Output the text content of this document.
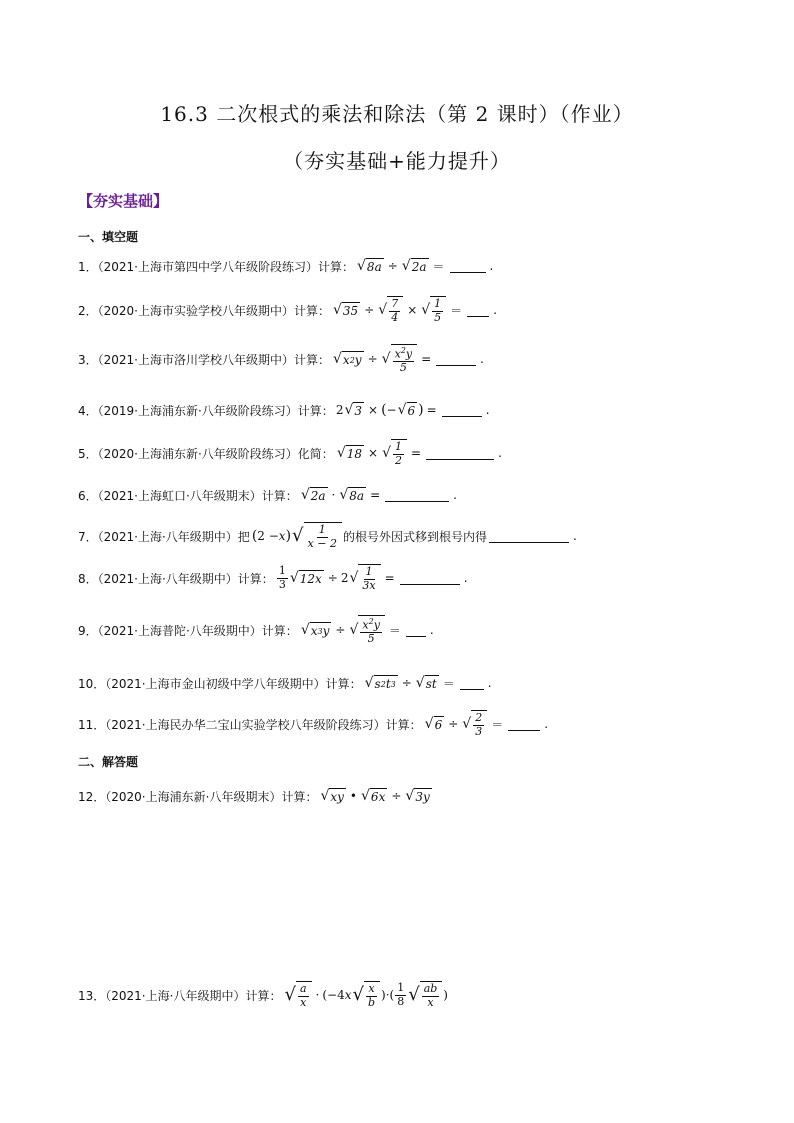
16.3 二次根式的乘法和除法（第 2 课时）（作业）
（夯实基础+能力提升）
【夯实基础】
一、填空题
1．（2021·上海市第四中学八年级阶段练习）计算： √ 8 a ÷ √ 2 a ＝	.
2．（2020·上海市实验学校八年级期中）计算： √ 35 ÷ √ $\frac{7}{4}$ × √ $\frac{1}{5}$ ＝	.
3．（2021·上海市洛川学校八年级期中）计算： √ x 2 y ÷ √ $\frac{x^2y}{5}$ =	.
4．（2019·上海浦东新·八年级阶段练习）计算： 2 √ 3 × ( − √ 6 ) =	.
5．（2020·上海浦东新·八年级阶段练习）化简： √ 18 × √ $\frac{1}{2}$ =	.
6．（2021·上海虹口·八年级期末）计算： √ 2 a · √ 8 a =	.
7．（2021·上海·八年级期中）把 ( 2 − x ) √ $\frac{1}{x - 2}$ 的根号外因式移到根号内得	.
8．（2021·上海·八年级期中）计算： $\frac{1}{3}$ √ 12 x ÷ 2 √ $\frac{1}{3x}$ =	.
9．（2021·上海普陀·八年级期中）计算： √ x 3 y ÷ √ $\frac{x^2y}{5}$ ＝ .
10．（2021·上海市金山初级中学八年级期中）计算： √ s 2 t 3 ÷ √ st ＝	.
11．（2021·上海民办华二宝山实验学校八年级阶段练习）计算： √ 6 ÷ √ $\frac{2}{3}$ ＝	.
二、解答题
12．（2020·上海浦东新·八年级期末）计算： √ xy • √ 6 x ÷ √ 3 y
13．（2021·上海·八年级期中）计算： √ $\frac{a}{x} \cdot (-4$ x √ $\frac{x}{b}$ )·( $\frac{1}{8}$ √ $\frac{ab}{x}$ )
